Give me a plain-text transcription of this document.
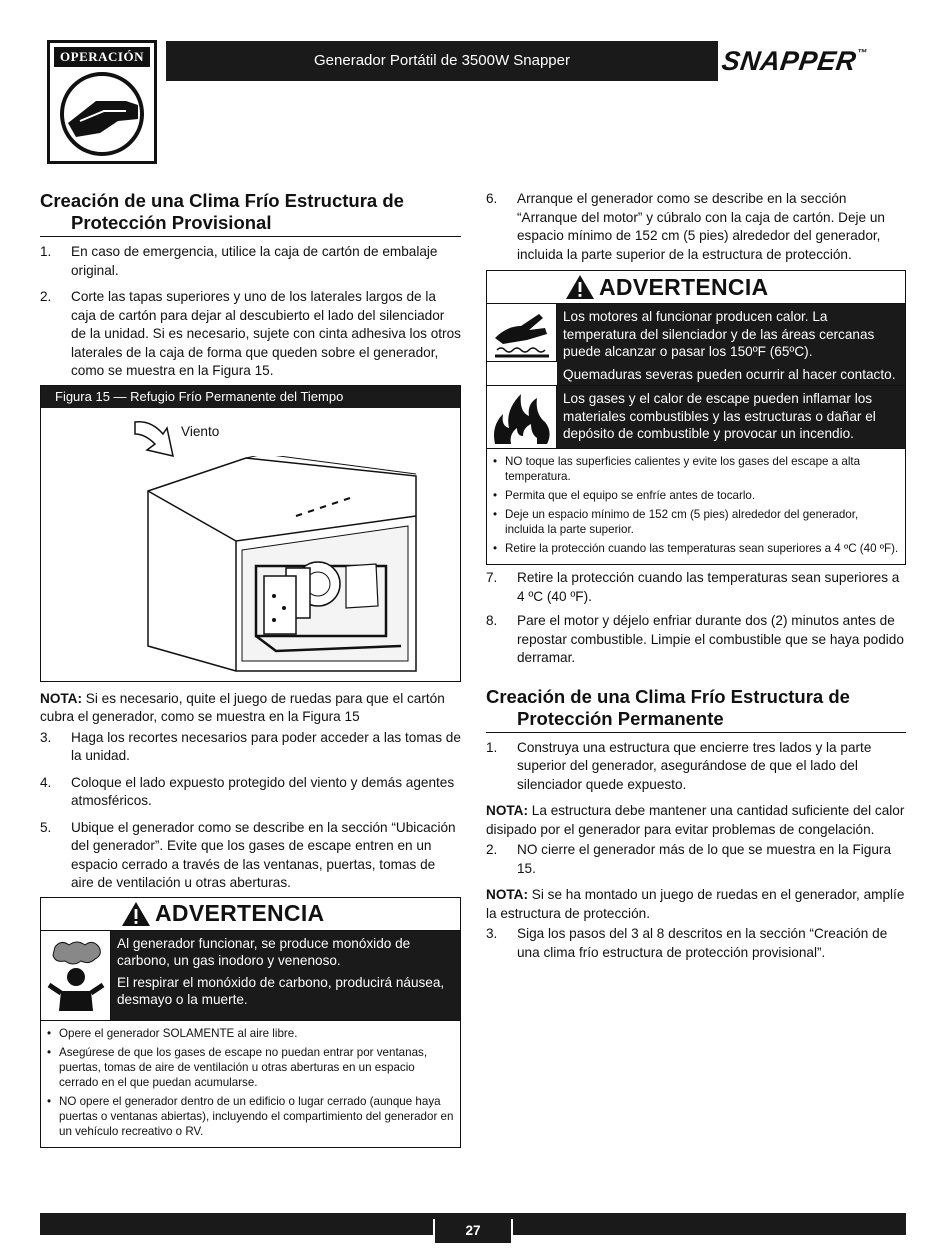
OPERACIÓN	Generador Portátil de 3500W Snapper	SNAPPER™
Creación de una Clima Frío Estructura de
Protección Provisional
1. En caso de emergencia, utilice la caja de cartón de embalaje original.
2. Corte las tapas superiores y uno de los laterales largos de la caja de cartón para dejar al descubierto el lado del silenciador de la unidad. Si es necesario, sujete con cinta adhesiva los otros laterales de la caja de forma que queden sobre el generador, como se muestra en la Figura 15.
Figura 15 — Refugio Frío Permanente del Tiempo
Viento

NOTA: Si es necesario, quite el juego de ruedas para que el cartón cubra el generador, como se muestra en la Figura 15

3. Haga los recortes necesarios para poder acceder a las tomas de la unidad.
4. Coloque el lado expuesto protegido del viento y demás agentes atmosféricos.
5. Ubique el generador como se describe en la sección “Ubicación del generador”. Evite que los gases de escape entren en un espacio cerrado a través de las ventanas, puertas, tomas de aire de ventilación u otras aberturas.
ADVERTENCIA

Al generador funcionar, se produce monóxido de carbono, un gas inodoro y venenoso.

El respirar el monóxido de carbono, producirá náusea, desmayo o la muerte.

• Opere el generador SOLAMENTE al aire libre.
• Asegúrese de que los gases de escape no puedan entrar por ventanas, puertas, tomas de aire de ventilación u otras aberturas en un espacio cerrado en el que puedan acumularse.
• NO opere el generador dentro de un edificio o lugar cerrado (aunque haya puertas o ventanas abiertas), incluyendo el compartimiento del generador en un vehículo recreativo o RV.
6. Arranque el generador como se describe en la sección “Arranque del motor” y cúbralo con la caja de cartón. Deje un espacio mínimo de 152 cm (5 pies) alrededor del generador, incluida la parte superior de la estructura de protección.
ADVERTENCIA

Los motores al funcionar producen calor. La temperatura del silenciador y de las áreas cercanas puede alcanzar o pasar los 150ºF (65ºC).

Quemaduras severas pueden ocurrir al hacer contacto.

Los gases y el calor de escape pueden inflamar los materiales combustibles y las estructuras o dañar el depósito de combustible y provocar un incendio.

• NO toque las superficies calientes y evite los gases del escape a alta temperatura.
• Permita que el equipo se enfríe antes de tocarlo.
• Deje un espacio mínimo de 152 cm (5 pies) alrededor del generador, incluida la parte superior.
• Retire la protección cuando las temperaturas sean superiores a 4 ºC (40 ºF).
7. Retire la protección cuando las temperaturas sean superiores a 4 ºC (40 ºF).
8. Pare el motor y déjelo enfriar durante dos (2) minutos antes de repostar combustible. Limpie el combustible que se haya podido derramar.
Creación de una Clima Frío Estructura de
Protección Permanente
1. Construya una estructura que encierre tres lados y la parte superior del generador, asegurándose de que el lado del silenciador quede expuesto.

NOTA: La estructura debe mantener una cantidad suficiente del calor disipado por el generador para evitar problemas de congelación.

2. NO cierre el generador más de lo que se muestra en la Figura 15.

NOTA: Si se ha montado un juego de ruedas en el generador, amplíe la estructura de protección.

3. Siga los pasos del 3 al 8 descritos en la sección “Creación de una clima frío estructura de protección provisional”.
27
